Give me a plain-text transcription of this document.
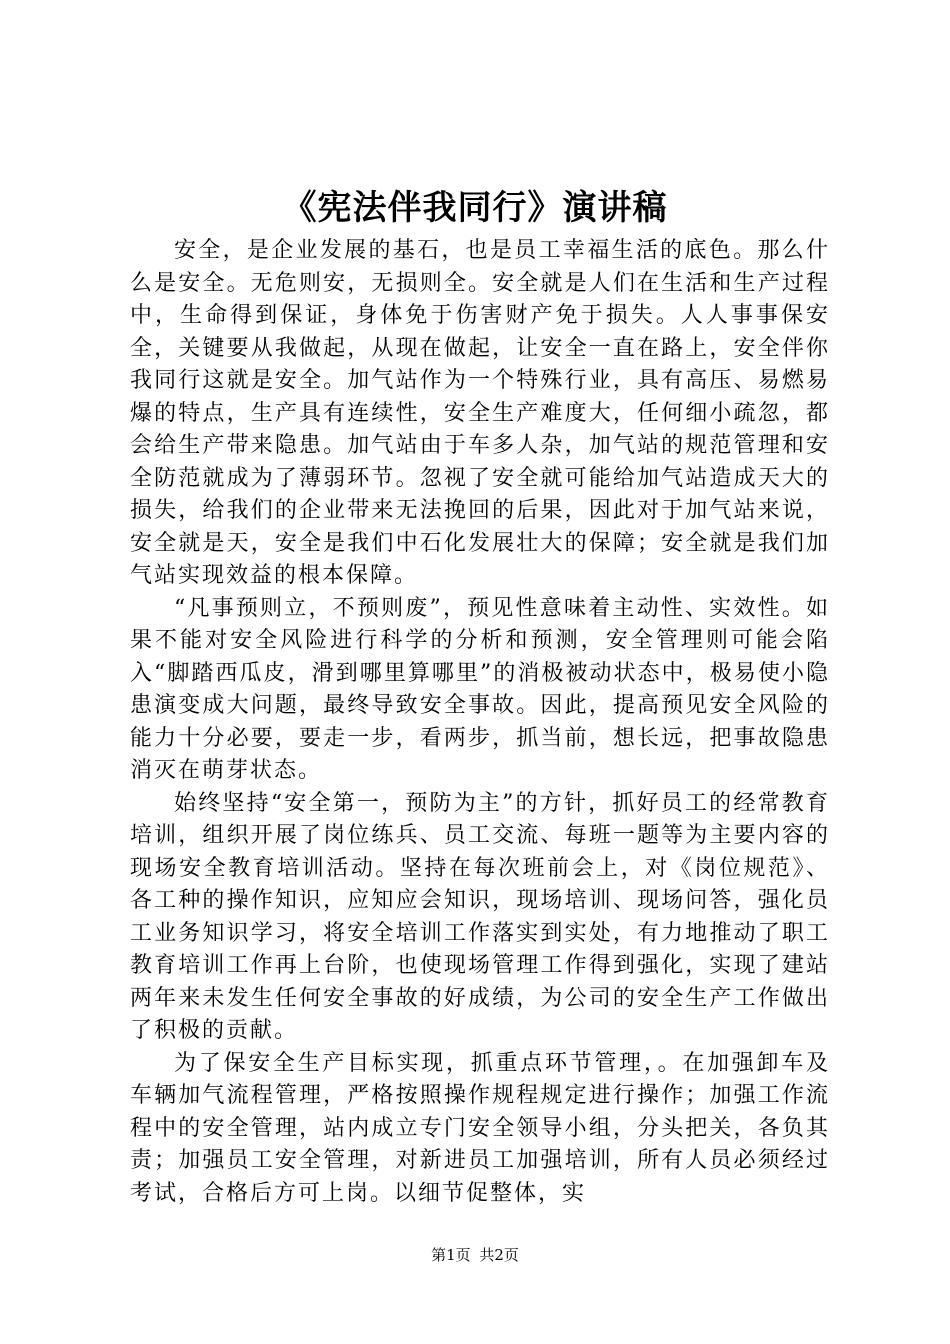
《宪法伴我同行》演讲稿

安全，是企业发展的基石，也是员工幸福生活的底色。那么什么是安全。无危则安，无损则全。安全就是人们在生活和生产过程中，生命得到保证，身体免于伤害财产免于损失。人人事事保安全，关键要从我做起，从现在做起，让安全一直在路上，安全伴你我同行这就是安全。加气站作为一个特殊行业，具有高压、易燃易爆的特点，生产具有连续性，安全生产难度大，任何细小疏忽，都会给生产带来隐患。加气站由于车多人杂，加气站的规范管理和安全防范就成为了薄弱环节。忽视了安全就可能给加气站造成天大的损失，给我们的企业带来无法挽回的后果，因此对于加气站来说，安全就是天，安全是我们中石化发展壮大的保障；安全就是我们加气站实现效益的根本保障。

“凡事预则立，不预则废”，预见性意味着主动性、实效性。如果不能对安全风险进行科学的分析和预测，安全管理则可能会陷入“脚踏西瓜皮，滑到哪里算哪里”的消极被动状态中，极易使小隐患演变成大问题，最终导致安全事故。因此，提高预见安全风险的能力十分必要，要走一步，看两步，抓当前，想长远，把事故隐患消灭在萌芽状态。

始终坚持“安全第一，预防为主”的方针，抓好员工的经常教育培训，组织开展了岗位练兵、员工交流、每班一题等为主要内容的现场安全教育培训活动。坚持在每次班前会上，对《岗位规范》、各工种的操作知识，应知应会知识，现场培训、现场问答，强化员工业务知识学习，将安全培训工作落实到实处，有力地推动了职工教育培训工作再上台阶，也使现场管理工作得到强化，实现了建站两年来未发生任何安全事故的好成绩，为公司的安全生产工作做出了积极的贡献。

为了保安全生产目标实现，抓重点环节管理，。在加强卸车及车辆加气流程管理，严格按照操作规程规定进行操作；加强工作流程中的安全管理，站内成立专门安全领导小组，分头把关，各负其责；加强员工安全管理，对新进员工加强培训，所有人员必须经过考试，合格后方可上岗。以细节促整体，实

第1页 共2页
